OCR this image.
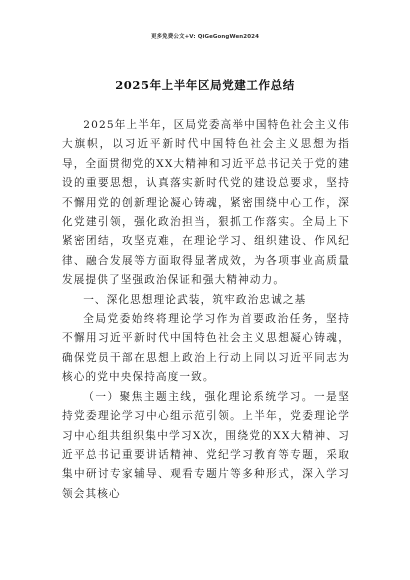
更多免费公文+V: QiGeGongWen2024
2025年上半年区局党建工作总结

2025年上半年，区局党委高举中国特色社会主义伟大旗帜，以习近平新时代中国特色社会主义思想为指导，全面贯彻党的XX大精神和习近平总书记关于党的建设的重要思想，认真落实新时代党的建设总要求，坚持不懈用党的创新理论凝心铸魂，紧密围绕中心工作，深化党建引领，强化政治担当，狠抓工作落实。全局上下紧密团结，攻坚克难，在理论学习、组织建设、作风纪律、融合发展等方面取得显著成效，为各项事业高质量发展提供了坚强政治保证和强大精神动力。

一、深化思想理论武装，筑牢政治忠诚之基

全局党委始终将理论学习作为首要政治任务，坚持不懈用习近平新时代中国特色社会主义思想凝心铸魂，确保党员干部在思想上政治上行动上同以习近平同志为核心的党中央保持高度一致。

（一）聚焦主题主线，强化理论系统学习。一是坚持党委理论学习中心组示范引领。上半年，党委理论学习中心组共组织集中学习X次，围绕党的XX大精神、习近平总书记重要讲话精神、党纪学习教育等专题，采取集中研讨专家辅导、观看专题片等多种形式，深入学习领会其核心
